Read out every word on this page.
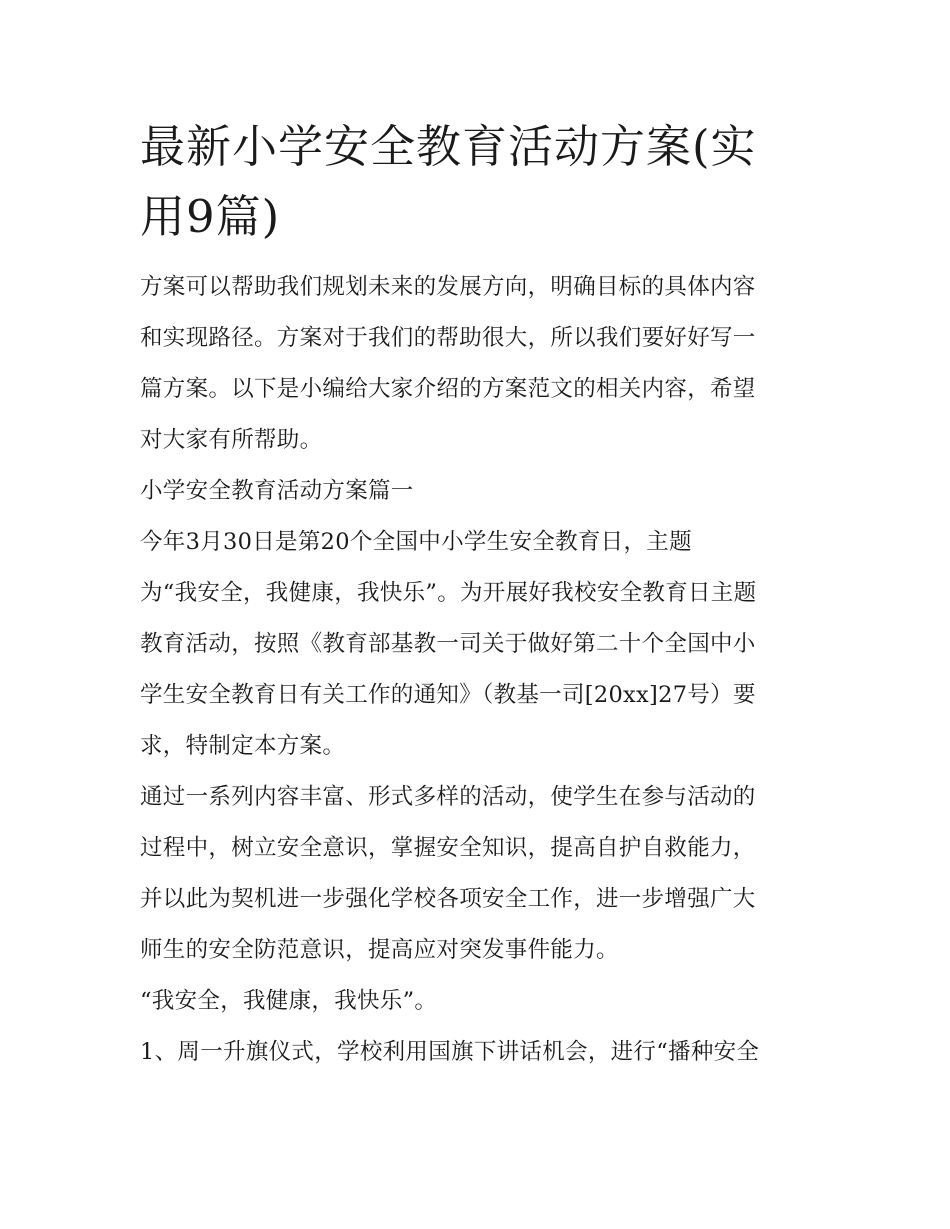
最新小学安全教育活动方案(实
用9篇)

方案可以帮助我们规划未来的发展方向，明确目标的具体内容
和实现路径。方案对于我们的帮助很大，所以我们要好好写一
篇方案。以下是小编给大家介绍的方案范文的相关内容，希望
对大家有所帮助。

小学安全教育活动方案篇一

今年3月30日是第20个全国中小学生安全教育日，主题
为“我安全，我健康，我快乐”。为开展好我校安全教育日主题
教育活动，按照《教育部基教一司关于做好第二十个全国中小
学生安全教育日有关工作的通知》（教基一司[20xx]27号）要
求，特制定本方案。

通过一系列内容丰富、形式多样的活动，使学生在参与活动的
过程中，树立安全意识，掌握安全知识，提高自护自救能力，
并以此为契机进一步强化学校各项安全工作，进一步增强广大
师生的安全防范意识，提高应对突发事件能力。

“我安全，我健康，我快乐”。

1、周一升旗仪式，学校利用国旗下讲话机会，进行“播种安全
